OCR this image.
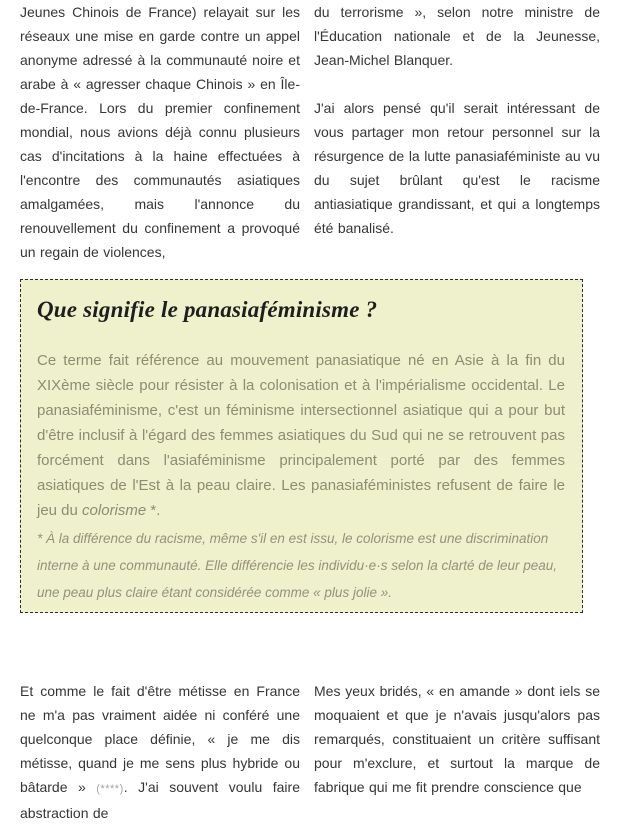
Jeunes Chinois de France) relayait sur les réseaux une mise en garde contre un appel anonyme adressé à la communauté noire et arabe à « agresser chaque Chinois » en Île-de-France. Lors du premier confinement mondial, nous avions déjà connu plusieurs cas d'incitations à la haine effectuées à l'encontre des communautés asiatiques amalgamées, mais l'annonce du renouvellement du confinement a provoqué un regain de violences,

du terrorisme », selon notre ministre de l'Éducation nationale et de la Jeunesse, Jean-Michel Blanquer.

J'ai alors pensé qu'il serait intéressant de vous partager mon retour personnel sur la résurgence de la lutte panasiaféministe au vu du sujet brûlant qu'est le racisme antiasiatique grandissant, et qui a longtemps été banalisé.

Que signifie le panasiaféminisme ?

Ce terme fait référence au mouvement panasiatique né en Asie à la fin du XIXème siècle pour résister à la colonisation et à l'impérialisme occidental. Le panasiaféminisme, c'est un féminisme intersectionnel asiatique qui a pour but d'être inclusif à l'égard des femmes asiatiques du Sud qui ne se retrouvent pas forcément dans l'asiaféminisme principalement porté par des femmes asiatiques de l'Est à la peau claire. Les panasiaféministes refusent de faire le jeu du colorisme *.

* À la différence du racisme, même s'il en est issu, le colorisme est une discrimination interne à une communauté. Elle différencie les individu·e·s selon la clarté de leur peau, une peau plus claire étant considérée comme « plus jolie ».

Et comme le fait d'être métisse en France ne m'a pas vraiment aidée ni conféré une quelconque place définie, « je me dis métisse, quand je me sens plus hybride ou bâtarde » (****). J'ai souvent voulu faire abstraction de

Mes yeux bridés, « en amande » dont iels se moquaient et que je n'avais jusqu'alors pas remarqués, constituaient un critère suffisant pour m'exclure, et surtout la marque de fabrique qui me fit prendre conscience que
